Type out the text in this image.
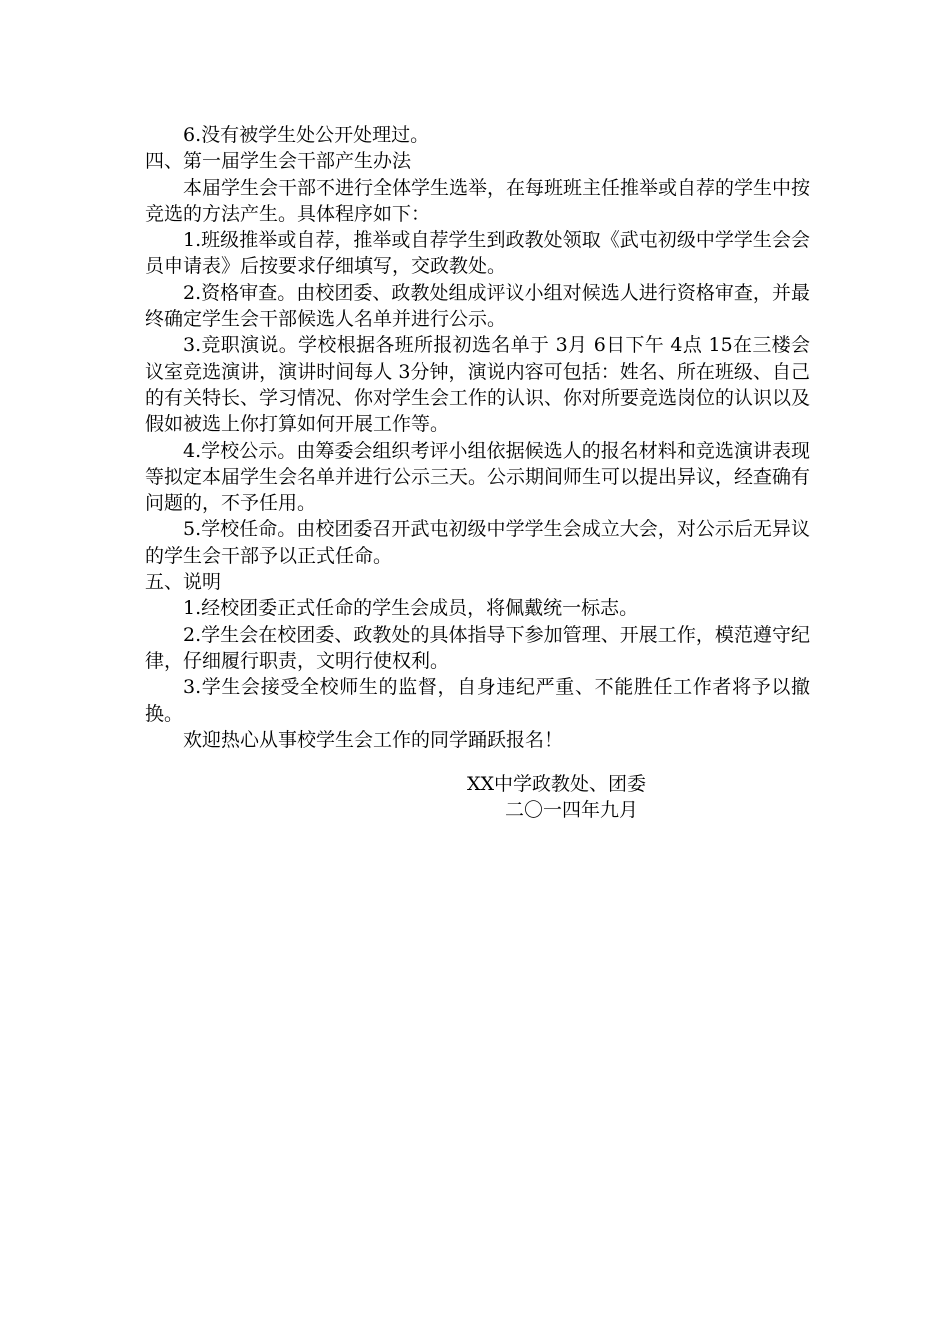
6.没有被学生处公开处理过。

四、第一届学生会干部产生办法

本届学生会干部不进行全体学生选举，在每班班主任推举或自荐的学生中按竞选的方法产生。具体程序如下：

1.班级推举或自荐，推举或自荐学生到政教处领取《武屯初级中学学生会会员申请表》后按要求仔细填写，交政教处。

2.资格审查。由校团委、政教处组成评议小组对候选人进行资格审查，并最终确定学生会干部候选人名单并进行公示。

3.竞职演说。学校根据各班所报初选名单于 3月 6日下午 4点 15在三楼会议室竞选演讲，演讲时间每人 3分钟，演说内容可包括：姓名、所在班级、自己的有关特长、学习情况、你对学生会工作的认识、你对所要竞选岗位的认识以及假如被选上你打算如何开展工作等。

4.学校公示。由筹委会组织考评小组依据候选人的报名材料和竞选演讲表现等拟定本届学生会名单并进行公示三天。公示期间师生可以提出异议，经查确有问题的，不予任用。

5.学校任命。由校团委召开武屯初级中学学生会成立大会，对公示后无异议的学生会干部予以正式任命。

五、说明

1.经校团委正式任命的学生会成员，将佩戴统一标志。

2.学生会在校团委、政教处的具体指导下参加管理、开展工作，模范遵守纪律，仔细履行职责，文明行使权利。

3.学生会接受全校师生的监督，自身违纪严重、不能胜任工作者将予以撤换。

欢迎热心从事校学生会工作的同学踊跃报名！

XX中学政教处、团委
二〇一四年九月
